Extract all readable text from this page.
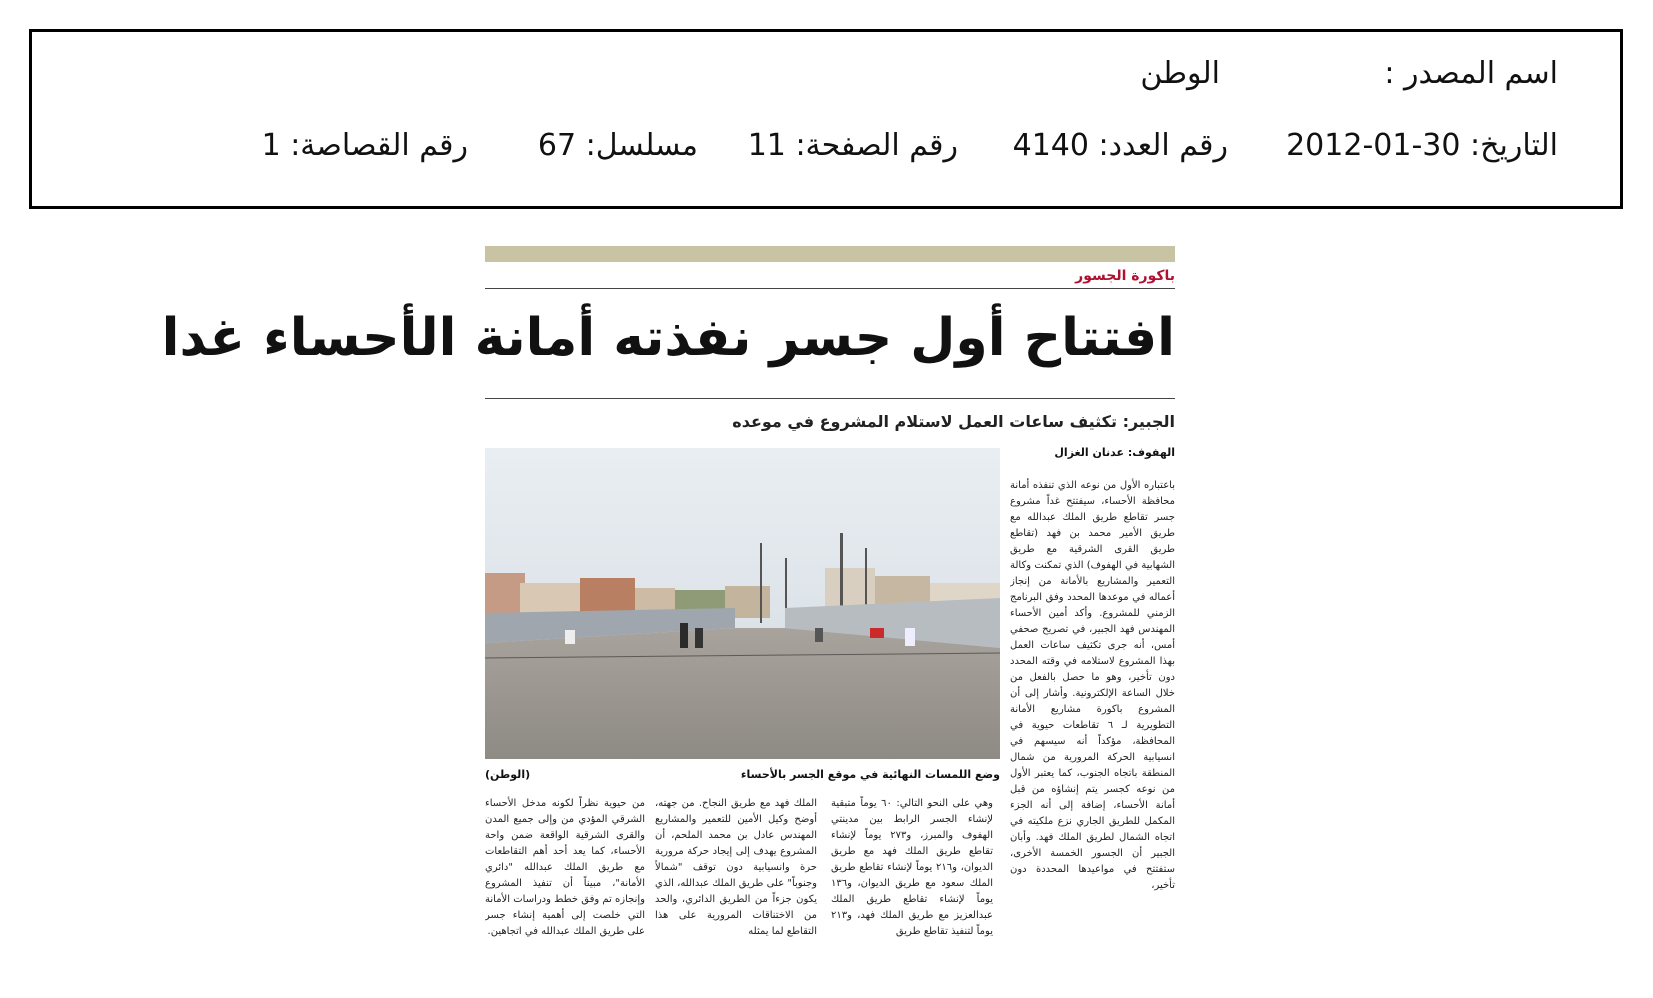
اسم المصدر :
الوطن
التاريخ: 30-01-2012
رقم العدد: 4140
رقم الصفحة: 11
مسلسل: 67
رقم القصاصة: 1
باكورة الجسور
افتتاح أول جسر نفذته أمانة الأحساء غدا
الجبير: تكثيف ساعات العمل لاستلام المشروع في موعده
الهفوف: عدنان الغزال
وضع اللمسات النهائية في موقع الجسر بالأحساء
(الوطن)
باعتباره الأول من نوعه الذي تنفذه أمانة محافظة الأحساء، سيفتتح غداً مشروع جسر تقاطع طريق الملك عبدالله مع طريق الأمير محمد بن فهد (تقاطع طريق القرى الشرقية مع طريق الشهابية في الهفوف) الذي تمكنت وكالة التعمير والمشاريع بالأمانة من إنجاز أعماله في موعدها المحدد وفق البرنامج الزمني للمشروع. وأكد أمين الأحساء المهندس فهد الجبير، في تصريح صحفي أمس، أنه جرى تكثيف ساعات العمل بهذا المشروع لاستلامه في وقته المحدد دون تأخير، وهو ما حصل بالفعل من خلال الساعة الإلكترونية. وأشار إلى أن المشروع باكورة مشاريع الأمانة التطويرية لـ ٦ تقاطعات حيوية في المحافظة، مؤكداً أنه سيسهم في انسيابية الحركة المرورية من شمال المنطقة باتجاه الجنوب، كما يعتبر الأول من نوعه كجسر يتم إنشاؤه من قبل أمانة الأحساء، إضافة إلى أنه الجزء المكمل للطريق الجاري نزع ملكيته في اتجاه الشمال لطريق الملك فهد. وأبان الجبير أن الجسور الخمسة الأخرى، ستفتتح في مواعيدها المحددة دون تأخير،
وهي على النحو التالي: ٦٠ يوماً متبقية لإنشاء الجسر الرابط بين مدينتي الهفوف والمبرز، و٢٧٣ يوماً لإنشاء تقاطع طريق الملك فهد مع طريق الديوان، و٢١٦ يوماً لإنشاء تقاطع طريق الملك سعود مع طريق الديوان، و١٣٦ يوماً لإنشاء تقاطع طريق الملك عبدالعزيز مع طريق الملك فهد، و٢١٣ يوماً لتنفيذ تقاطع طريق
الملك فهد مع طريق النجاح. من جهته، أوضح وكيل الأمين للتعمير والمشاريع المهندس عادل بن محمد الملحم، أن المشروع يهدف إلى إيجاد حركة مرورية حرة وانسيابية دون توقف "شمالاً وجنوباً" على طريق الملك عبدالله، الذي يكون جزءاً من الطريق الدائري، والحد من الاختناقات المرورية على هذا التقاطع لما يمثله
من حيوية نظراً لكونه مدخل الأحساء الشرقي المؤدي من وإلى جميع المدن والقرى الشرقية الواقعة ضمن واحة الأحساء، كما يعد أحد أهم التقاطعات مع طريق الملك عبدالله "دائري الأمانة"، مبيناً أن تنفيذ المشروع وإنجازه تم وفق خطط ودراسات الأمانة التي خلصت إلى أهمية إنشاء جسر على طريق الملك عبدالله في اتجاهين.
